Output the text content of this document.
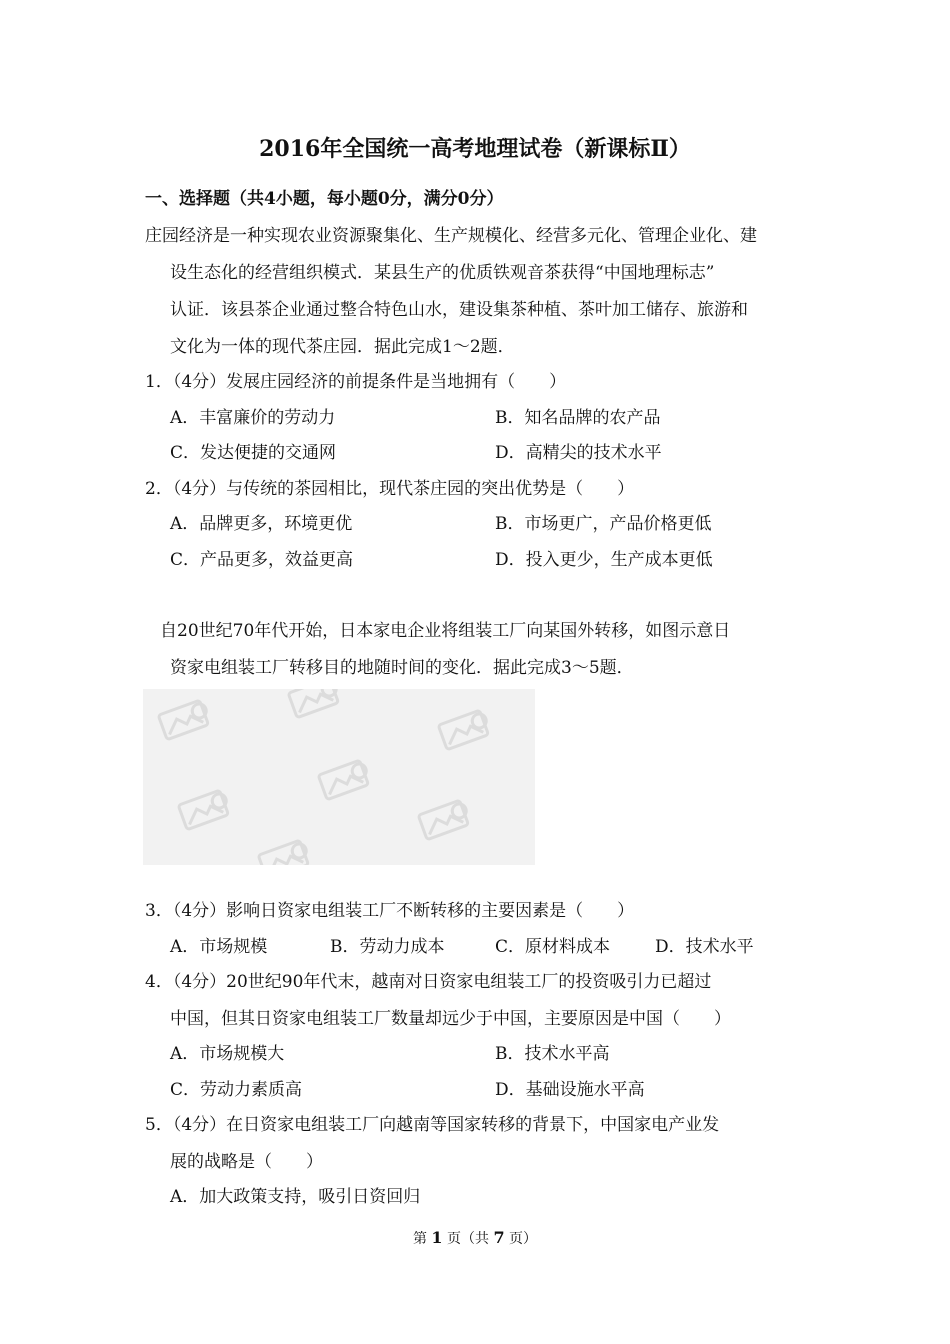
2016年全国统一高考地理试卷（新课标Ⅱ）
一、选择题（共4小题，每小题0分，满分0分）
庄园经济是一种实现农业资源聚集化、生产规模化、经营多元化、管理企业化、建
设生态化的经营组织模式．某县生产的优质铁观音茶获得“中国地理标志”
认证．该县茶企业通过整合特色山水，建设集茶种植、茶叶加工储存、旅游和
文化为一体的现代茶庄园．据此完成1～2题．
1．（4分）发展庄园经济的前提条件是当地拥有（　　）
A．丰富廉价的劳动力	B．知名品牌的农产品
C．发达便捷的交通网	D．高精尖的技术水平
2．（4分）与传统的茶园相比，现代茶庄园的突出优势是（　　）
A．品牌更多，环境更优	B．市场更广，产品价格更低
C．产品更多，效益更高	D．投入更少，生产成本更低
自20世纪70年代开始，日本家电企业将组装工厂向某国外转移，如图示意日
资家电组装工厂转移目的地随时间的变化．据此完成3～5题．
3．（4分）影响日资家电组装工厂不断转移的主要因素是（　　）
A．市场规模	B．劳动力成本	C．原材料成本	D．技术水平
4．（4分）20世纪90年代末，越南对日资家电组装工厂的投资吸引力已超过
中国，但其日资家电组装工厂数量却远少于中国，主要原因是中国（　　）
A．市场规模大	B．技术水平高
C．劳动力素质高	D．基础设施水平高
5．（4分）在日资家电组装工厂向越南等国家转移的背景下，中国家电产业发
展的战略是（　　）
A．加大政策支持，吸引日资回归
第 1 页（共 7 页）
